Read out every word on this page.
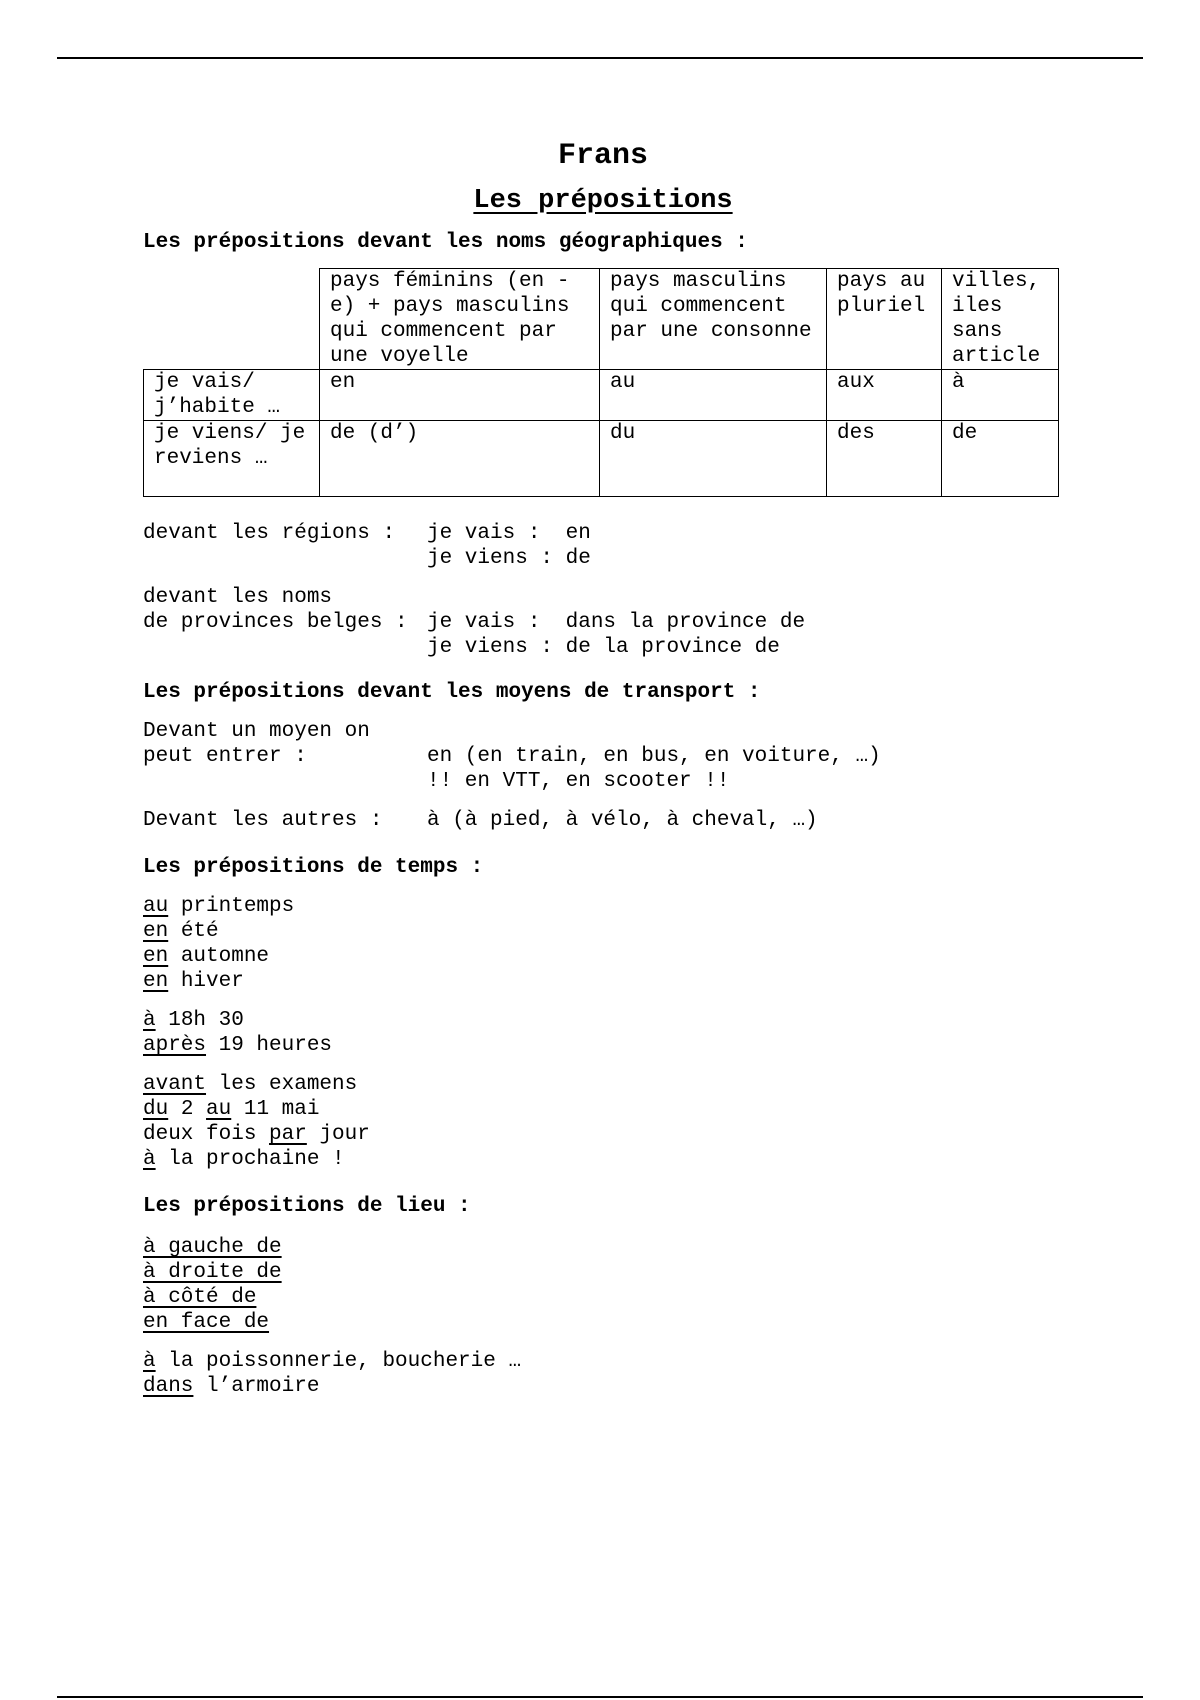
Frans
Les prépositions
Les prépositions devant les noms géographiques :
	pays féminins (en - e) + pays masculins qui commencent par une voyelle	pays masculins qui commencent par une consonne	pays au pluriel	villes, iles sans article
je vais/ j’habite …	en	au	aux	à
je viens/ je reviens …	de (d’)	du	des	de
devant les régions :	je vais :  en
je viens : de
devant les noms
de provinces belges : je vais :  dans la province de
je viens : de la province de
Les prépositions devant les moyens de transport :
Devant un moyen on
peut entrer :	en (en train, en bus, en voiture, …)
!! en VTT, en scooter !!
Devant les autres :	à (à pied, à vélo, à cheval, …)
Les prépositions de temps :
au printemps
en été
en automne
en hiver
à 18h 30
après 19 heures
avant les examens
du 2 au 11 mai
deux fois par jour
à la prochaine !
Les prépositions de lieu :
à gauche de
à droite de
à côté de
en face de
à la poissonnerie, boucherie …
dans l’armoire
